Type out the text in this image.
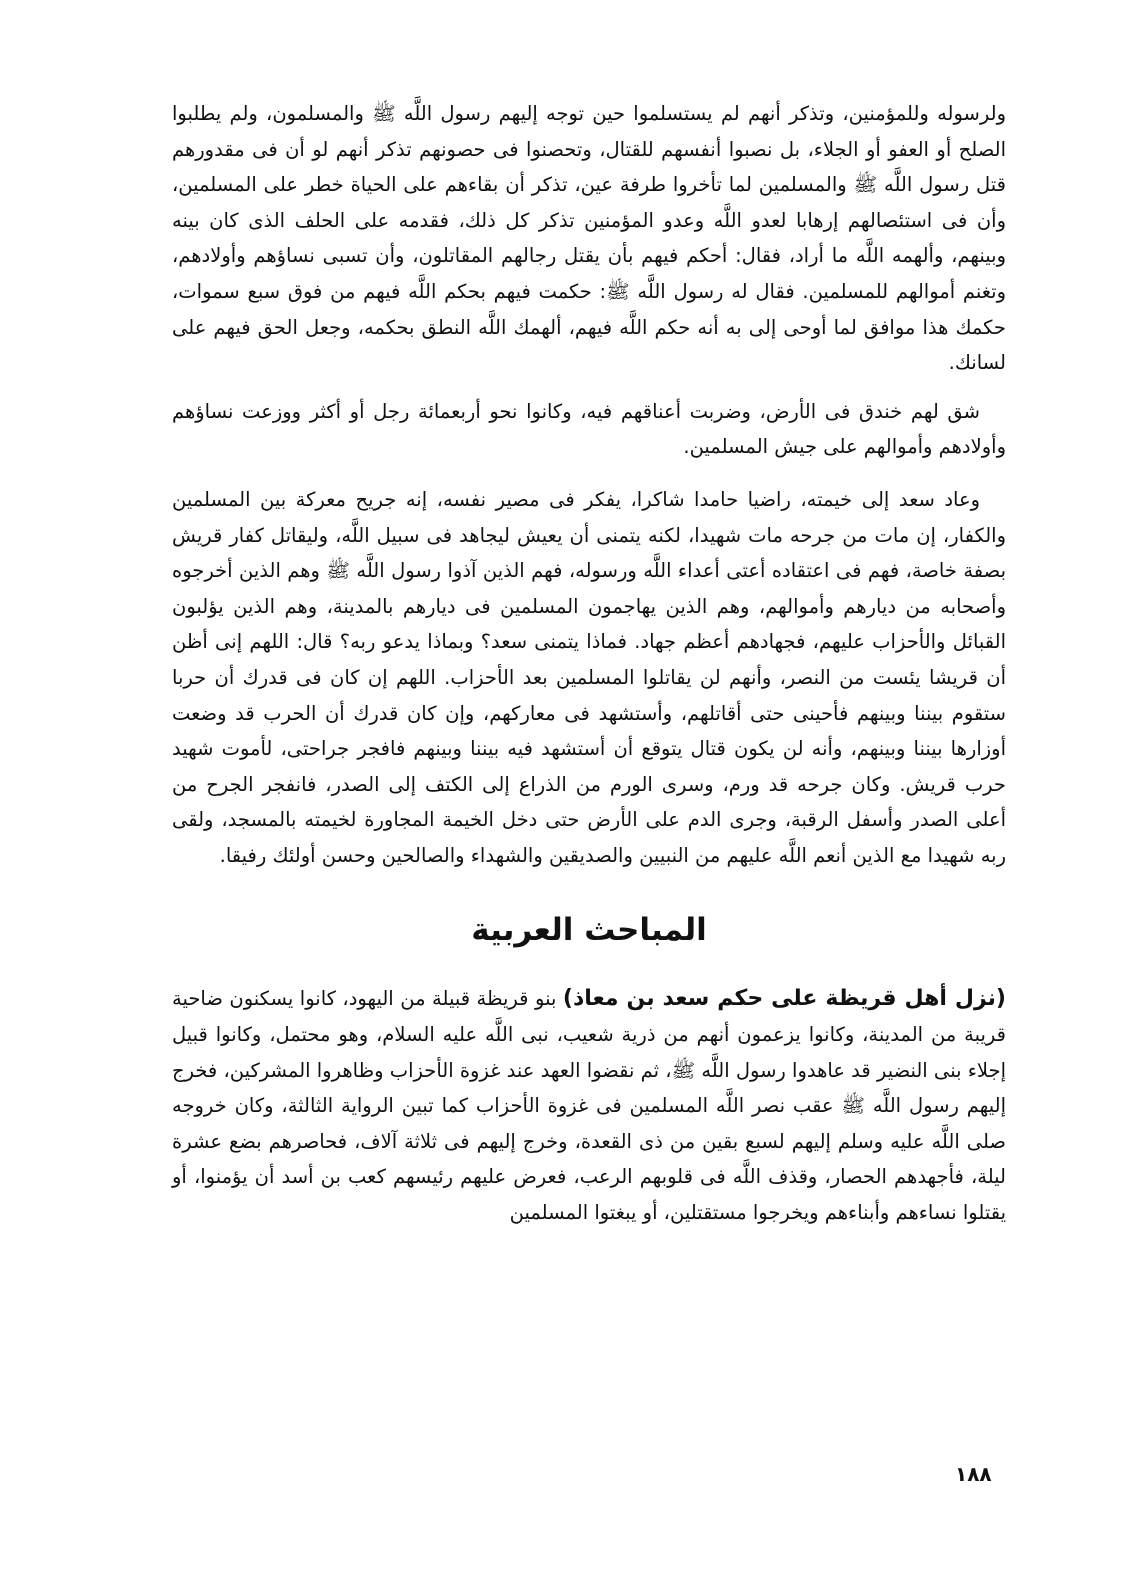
ولرسوله وللمؤمنين، وتذكر أنهم لم يستسلموا حين توجه إليهم رسول اللَّه ﷺ والمسلمون، ولم يطلبوا الصلح أو العفو أو الجلاء، بل نصبوا أنفسهم للقتال، وتحصنوا فى حصونهم تذكر أنهم لو أن فى مقدورهم قتل رسول اللَّه ﷺ والمسلمين لما تأخروا طرفة عين، تذكر أن بقاءهم على الحياة خطر على المسلمين، وأن فى استئصالهم إرهابا لعدو اللَّه وعدو المؤمنين تذكر كل ذلك، فقدمه على الحلف الذى كان بينه وبينهم، وألهمه اللَّه ما أراد، فقال: أحكم فيهم بأن يقتل رجالهم المقاتلون، وأن تسبى نساؤهم وأولادهم، وتغنم أموالهم للمسلمين. فقال له رسول اللَّه ﷺ: حكمت فيهم بحكم اللَّه فيهم من فوق سبع سموات، حكمك هذا موافق لما أوحى إلى به أنه حكم اللَّه فيهم، ألهمك اللَّه النطق بحكمه، وجعل الحق فيهم على لسانك.

شق لهم خندق فى الأرض، وضربت أعناقهم فيه، وكانوا نحو أربعمائة رجل أو أكثر ووزعت نساؤهم وأولادهم وأموالهم على جيش المسلمين.

وعاد سعد إلى خيمته، راضيا حامدا شاكرا، يفكر فى مصير نفسه، إنه جريح معركة بين المسلمين والكفار، إن مات من جرحه مات شهيدا، لكنه يتمنى أن يعيش ليجاهد فى سبيل اللَّه، وليقاتل كفار قريش بصفة خاصة، فهم فى اعتقاده أعتى أعداء اللَّه ورسوله، فهم الذين آذوا رسول اللَّه ﷺ وهم الذين أخرجوه وأصحابه من ديارهم وأموالهم، وهم الذين يهاجمون المسلمين فى ديارهم بالمدينة، وهم الذين يؤلبون القبائل والأحزاب عليهم، فجهادهم أعظم جهاد. فماذا يتمنى سعد؟ وبماذا يدعو ربه؟ قال: اللهم إنى أظن أن قريشا يئست من النصر، وأنهم لن يقاتلوا المسلمين بعد الأحزاب. اللهم إن كان فى قدرك أن حربا ستقوم بيننا وبينهم فأحينى حتى أقاتلهم، وأستشهد فى معاركهم، وإن كان قدرك أن الحرب قد وضعت أوزارها بيننا وبينهم، وأنه لن يكون قتال يتوقع أن أستشهد فيه بيننا وبينهم فافجر جراحتى، لأموت شهيد حرب قريش. وكان جرحه قد ورم، وسرى الورم من الذراع إلى الكتف إلى الصدر، فانفجر الجرح من أعلى الصدر وأسفل الرقبة، وجرى الدم على الأرض حتى دخل الخيمة المجاورة لخيمته بالمسجد، ولقى ربه شهيدا مع الذين أنعم اللَّه عليهم من النبيين والصديقين والشهداء والصالحين وحسن أولئك رفيقا.

المباحث العربية

(نزل أهل قريظة على حكم سعد بن معاذ) بنو قريظة قبيلة من اليهود، كانوا يسكنون ضاحية قريبة من المدينة، وكانوا يزعمون أنهم من ذرية شعيب، نبى اللَّه عليه السلام، وهو محتمل، وكانوا قبيل إجلاء بنى النضير قد عاهدوا رسول اللَّه ﷺ، ثم نقضوا العهد عند غزوة الأحزاب وظاهروا المشركين، فخرج إليهم رسول اللَّه ﷺ عقب نصر اللَّه المسلمين فى غزوة الأحزاب كما تبين الرواية الثالثة، وكان خروجه صلى اللَّه عليه وسلم إليهم لسبع بقين من ذى القعدة، وخرج إليهم فى ثلاثة آلاف، فحاصرهم بضع عشرة ليلة، فأجهدهم الحصار، وقذف اللَّه فى قلوبهم الرعب، فعرض عليهم رئيسهم كعب بن أسد أن يؤمنوا، أو يقتلوا نساءهم وأبناءهم ويخرجوا مستقتلين، أو يبغتوا المسلمين

١٨٨
